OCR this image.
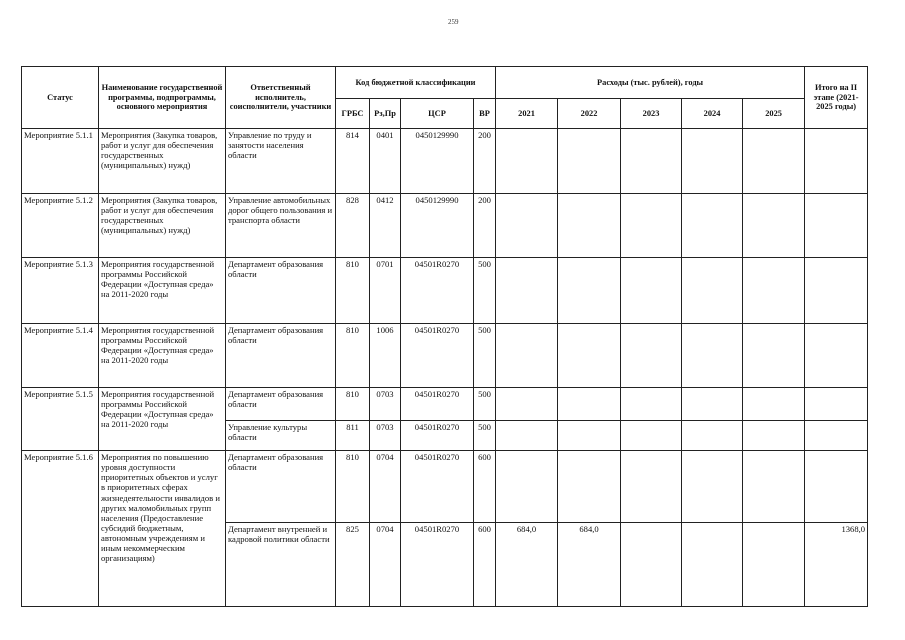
259
Статус	Наименование государственной программы, подпрограммы, основного мероприятия	Ответственный исполнитель, соисполнители, участники	Код бюджетной классификации				Расходы (тыс. рублей), годы					Итого на II этапе (2021-2025 годы)
			ГРБС	Рз,Пр	ЦСР	ВР	2021	2022	2023	2024	2025	
Мероприятие 5.1.1	Мероприятия (Закупка товаров, работ и услуг для обеспечения государственных (муниципальных) нужд)	Управление по труду и занятости населения области	814	0401	0450129990	200						
Мероприятие 5.1.2	Мероприятия (Закупка товаров, работ и услуг для обеспечения государственных (муниципальных) нужд)	Управление автомобильных дорог общего пользования и транспорта области	828	0412	0450129990	200						
Мероприятие 5.1.3	Мероприятия государственной программы Российской Федерации «Доступная среда» на 2011-2020 годы	Департамент образования области	810	0701	04501R0270	500						
Мероприятие 5.1.4	Мероприятия государственной программы Российской Федерации «Доступная среда» на 2011-2020 годы	Департамент образования области	810	1006	04501R0270	500						
Мероприятие 5.1.5	Мероприятия государственной программы Российской Федерации «Доступная среда» на 2011-2020 годы	Департамент образования области	810	0703	04501R0270	500						
		Управление культуры области	811	0703	04501R0270	500						
Мероприятие 5.1.6	Мероприятия по повышению уровня доступности приоритетных объектов и услуг в приоритетных сферах жизнедеятельности инвалидов и других маломобильных групп населения (Предоставление субсидий бюджетным, автономным учреждениям и иным некоммерческим организациям)	Департамент образования области	810	0704	04501R0270	600						
		Департамент внутренней и кадровой политики области	825	0704	04501R0270	600	684,0	684,0				1368,0
